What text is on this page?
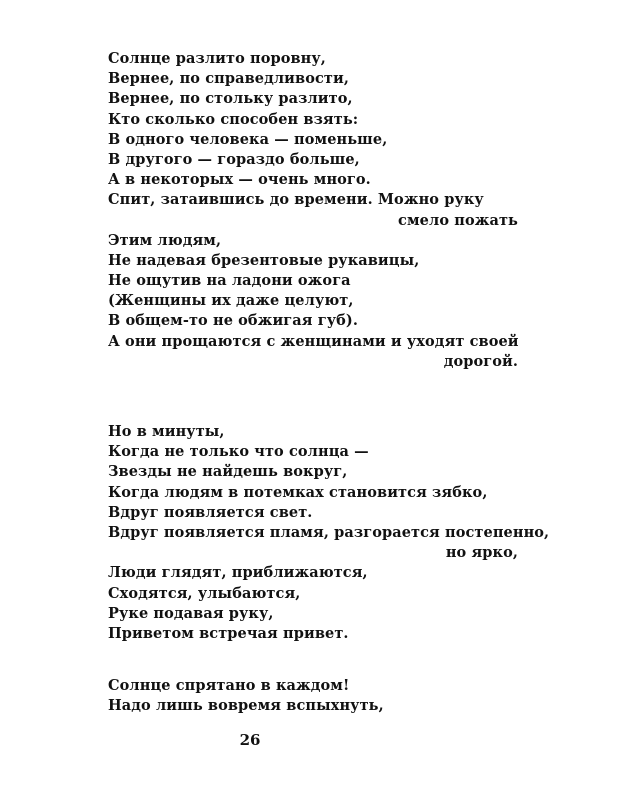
Солнце разлито поровну,
Вернее, по справедливости,
Вернее, по стольку разлито,
Кто сколько способен взять:
В одного человека — поменьше,
В другого — гораздо больше,
А в некоторых — очень много.
Спит, затаившись до времени. Можно руку
смело пожать
Этим людям,
Не надевая брезентовые рукавицы,
Не ощутив на ладони ожога
(Женщины их даже целуют,
В общем-то не обжигая губ).
А они прощаются с женщинами и уходят своей
дорогой.
Но в минуты,
Когда не только что солнца —
Звезды не найдешь вокруг,
Когда людям в потемках становится зябко,
Вдруг появляется свет.
Вдруг появляется пламя, разгорается постепенно,
но ярко,
Люди глядят, приближаются,
Сходятся, улыбаются,
Руке подавая руку,
Приветом встречая привет.
Солнце спрятано в каждом!
Надо лишь вовремя вспыхнуть,
26
